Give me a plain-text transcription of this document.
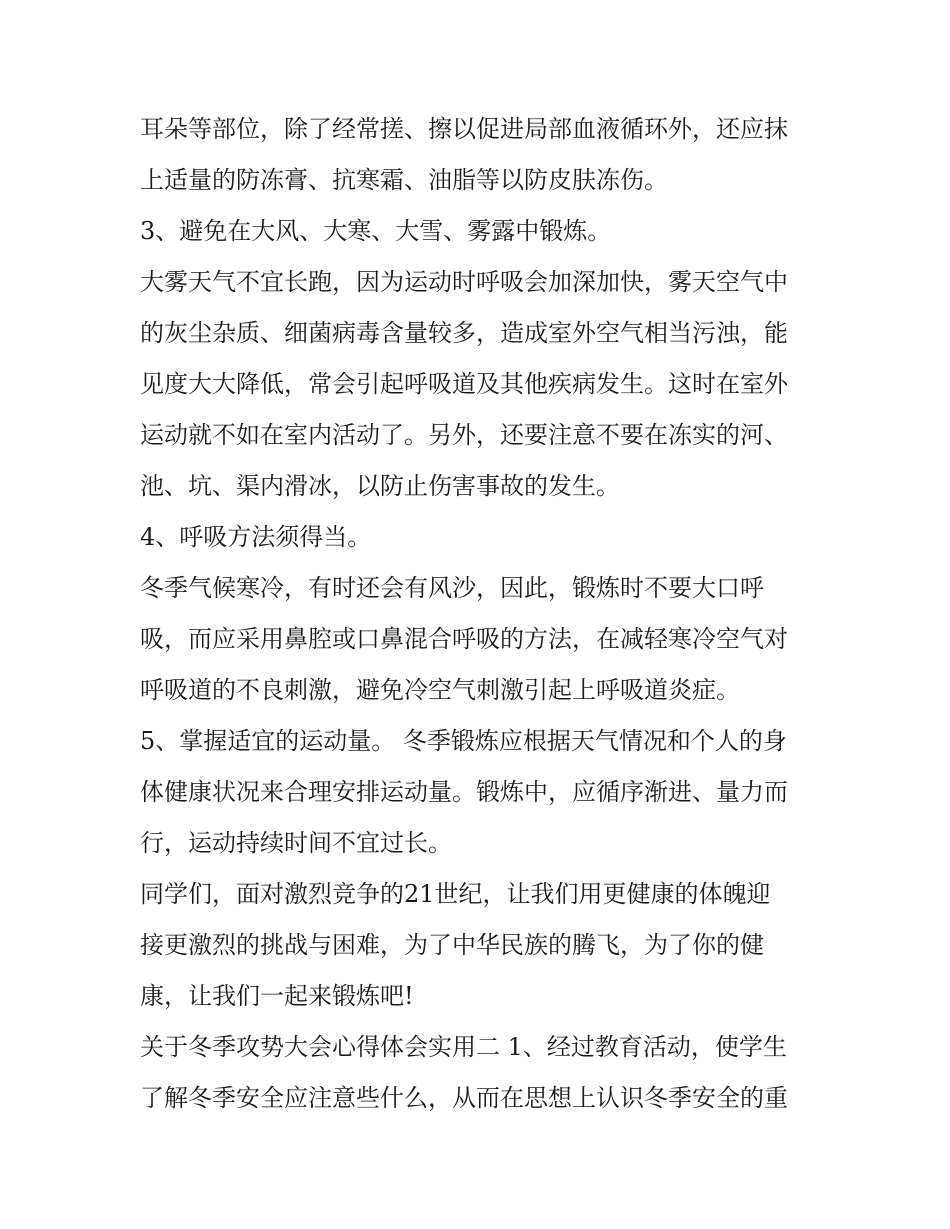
耳朵等部位，除了经常搓、擦以促进局部血液循环外，还应抹
上适量的防冻膏、抗寒霜、油脂等以防皮肤冻伤。
3、避免在大风、大寒、大雪、雾露中锻炼。
大雾天气不宜长跑，因为运动时呼吸会加深加快，雾天空气中
的灰尘杂质、细菌病毒含量较多，造成室外空气相当污浊，能
见度大大降低，常会引起呼吸道及其他疾病发生。这时在室外
运动就不如在室内活动了。另外，还要注意不要在冻实的河、
池、坑、渠内滑冰，以防止伤害事故的发生。
4、呼吸方法须得当。
冬季气候寒冷，有时还会有风沙，因此，锻炼时不要大口呼
吸，而应采用鼻腔或口鼻混合呼吸的方法，在减轻寒冷空气对
呼吸道的不良刺激，避免冷空气刺激引起上呼吸道炎症。
5、掌握适宜的运动量。 冬季锻炼应根据天气情况和个人的身
体健康状况来合理安排运动量。锻炼中，应循序渐进、量力而
行，运动持续时间不宜过长。
同学们，面对激烈竞争的21世纪，让我们用更健康的体魄迎
接更激烈的挑战与困难，为了中华民族的腾飞，为了你的健
康，让我们一起来锻炼吧!
关于冬季攻势大会心得体会实用二 1、经过教育活动，使学生
了解冬季安全应注意些什么，从而在思想上认识冬季安全的重
